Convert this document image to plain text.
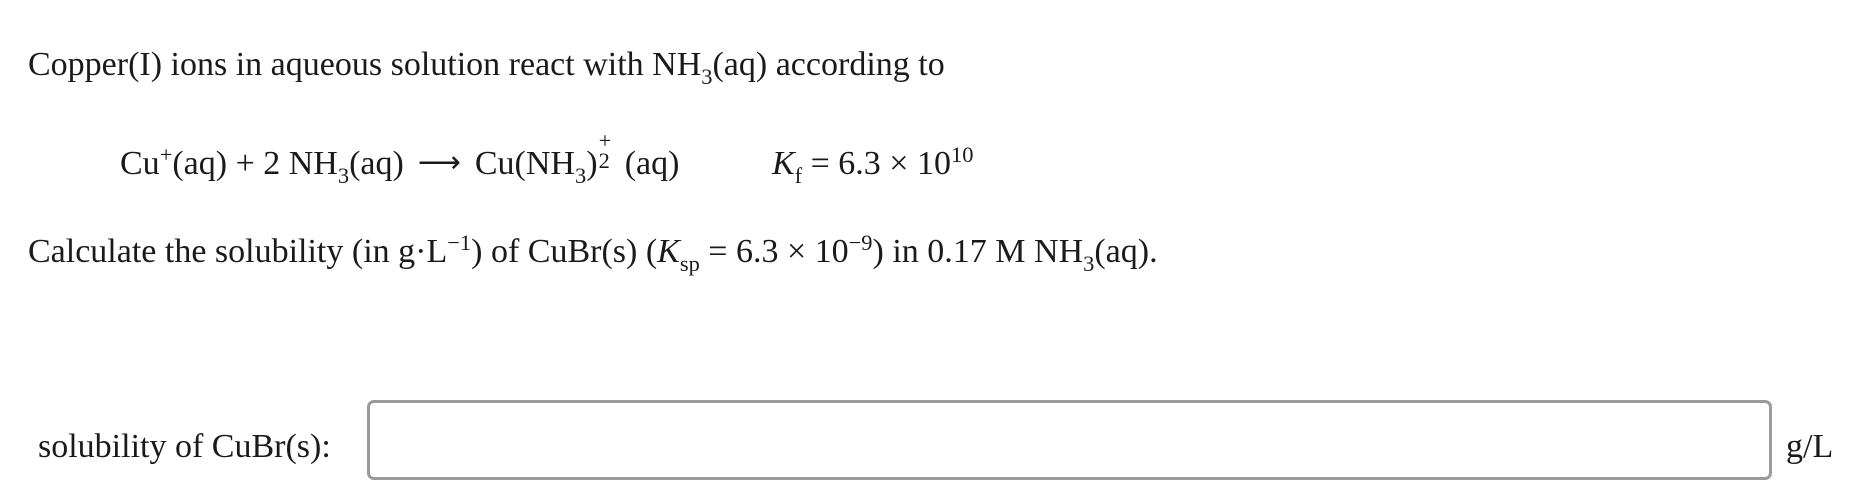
Copper(I) ions in aqueous solution react with $NH_3(aq)$ according to
Cu+(aq) + 2 $NH_3(aq)$ ⟶ $Cu(NH_3)$
+
2 (aq)	$K_f = 6.3 \times 10^{10}$
Calculate the solubility (in $g\cdot L^{-1}$) of CuBr(s) $(K_{sp} = 6.3 \times 10^{-9})$ in 0.17 M $NH_3(aq)$.
solubility of CuBr(s):	g/L
